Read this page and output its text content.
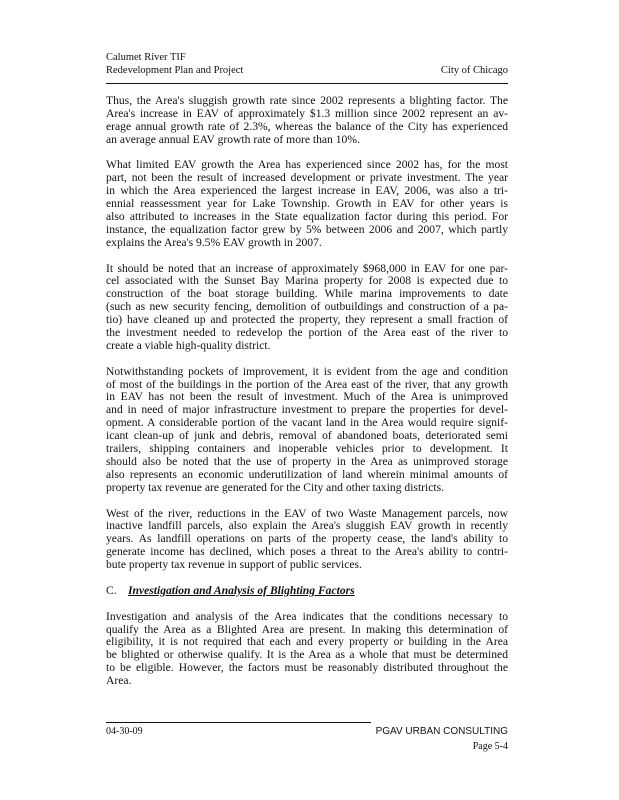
Calumet River TIF
Redevelopment Plan and Project	City of Chicago
Thus, the Area's sluggish growth rate since 2002 represents a blighting factor. The
Area's increase in EAV of approximately $1.3 million since 2002 represent an av-
erage annual growth rate of 2.3%, whereas the balance of the City has experienced
an average annual EAV growth rate of more than 10%.
What limited EAV growth the Area has experienced since 2002 has, for the most
part, not been the result of increased development or private investment. The year
in which the Area experienced the largest increase in EAV, 2006, was also a tri-
ennial reassessment year for Lake Township. Growth in EAV for other years is
also attributed to increases in the State equalization factor during this period. For
instance, the equalization factor grew by 5% between 2006 and 2007, which partly
explains the Area's 9.5% EAV growth in 2007.
It should be noted that an increase of approximately $968,000 in EAV for one par-
cel associated with the Sunset Bay Marina property for 2008 is expected due to
construction of the boat storage building. While marina improvements to date
(such as new security fencing, demolition of outbuildings and construction of a pa-
tio) have cleaned up and protected the property, they represent a small fraction of
the investment needed to redevelop the portion of the Area east of the river to
create a viable high-quality district.
Notwithstanding pockets of improvement, it is evident from the age and condition
of most of the buildings in the portion of the Area east of the river, that any growth
in EAV has not been the result of investment. Much of the Area is unimproved
and in need of major infrastructure investment to prepare the properties for devel-
opment. A considerable portion of the vacant land in the Area would require signif-
icant clean-up of junk and debris, removal of abandoned boats, deteriorated semi
trailers, shipping containers and inoperable vehicles prior to development. It
should also be noted that the use of property in the Area as unimproved storage
also represents an economic underutilization of land wherein minimal amounts of
property tax revenue are generated for the City and other taxing districts.
West of the river, reductions in the EAV of two Waste Management parcels, now
inactive landfill parcels, also explain the Area's sluggish EAV growth in recently
years. As landfill operations on parts of the property cease, the land's ability to
generate income has declined, which poses a threat to the Area's ability to contri-
bute property tax revenue in support of public services.
C. Investigation and Analysis of Blighting Factors
Investigation and analysis of the Area indicates that the conditions necessary to
qualify the Area as a Blighted Area are present. In making this determination of
eligibility, it is not required that each and every property or building in the Area
be blighted or otherwise qualify. It is the Area as a whole that must be determined
to be eligible. However, the factors must be reasonably distributed throughout the
Area.
04-30-09	PGAV URBAN CONSULTING
Page 5-4
